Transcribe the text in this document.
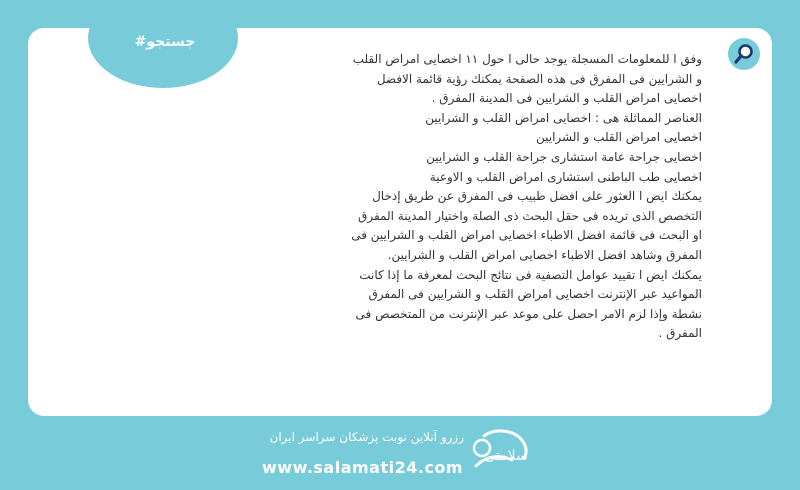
#جستجو

وفق ا للمعلومات المسجلة يوجد حالى ا حول ۱۱ اخصایی امراض القلب و الشرايين فی المفرق فی هذه الصفحة يمكنك رؤية قائمة الافضل اخصایی امراض القلب و الشرايين فی المدينة المفرق .

العناصر المماثلة هی : اخصایی امراض القلب و الشرايين

اخصایی امراض القلب و الشرايين

اخصایی جراحة عامة استشاری جراحة القلب و الشرايين

اخصایی طب الباطنی استشاری امراض القلب و الاوعية

يمكنك ايض ا العثور على افضل طبيب فی المفرق عن طريق إدخال التخصص الذی تريده فی حقل البحث ذی الصلة واختيار المدينة المفرق او البحث فی قائمة افضل الاطباء اخصایی امراض القلب و الشرايين فی المفرق وشاهد افضل الاطباء اخصایی امراض القلب و الشرايين.

يمكنك ايض ا تقييد عوامل التصفية فی نتائج البحث لمعرفة ما إذا كانت المواعيد عبر الإنترنت اخصایی امراض القلب و الشرايين فی المفرق نشطة وإذا لزم الامر احصل على موعد عبر الإنترنت من المتخصص فی المفرق .

رزرو آنلاین نوبت پزشکان سراسر ایران
www.salamati24.com
سلامتی
